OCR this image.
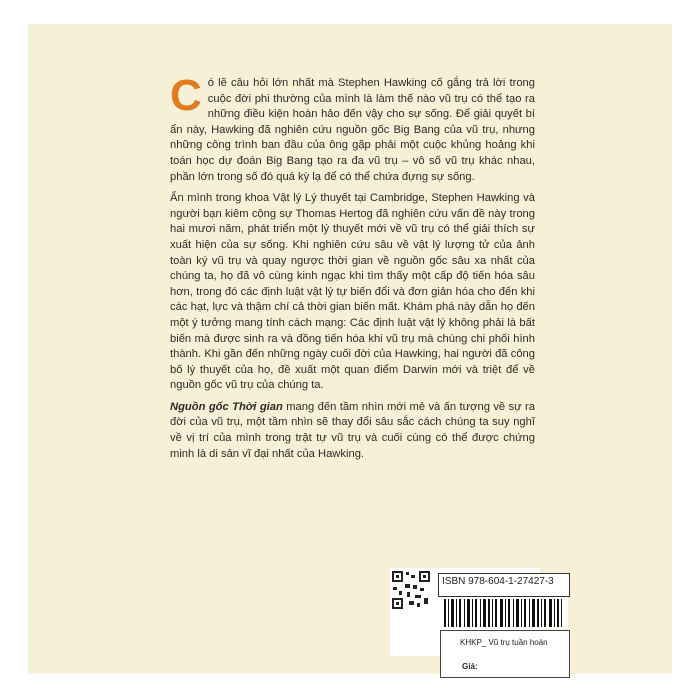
Có lẽ câu hỏi lớn nhất mà Stephen Hawking cố gắng trả lời trong cuộc đời phi thường của mình là làm thế nào vũ trụ có thể tạo ra những điều kiện hoàn hảo đến vậy cho sự sống. Để giải quyết bí ẩn này, Hawking đã nghiên cứu nguồn gốc Big Bang của vũ trụ, nhưng những công trình ban đầu của ông gặp phải một cuộc khủng hoảng khi toán học dự đoán Big Bang tạo ra đa vũ trụ – vô số vũ trụ khác nhau, phần lớn trong số đó quá kỳ lạ để có thể chứa đựng sự sống.

Ẩn mình trong khoa Vật lý Lý thuyết tại Cambridge, Stephen Hawking và người bạn kiêm cộng sự Thomas Hertog đã nghiên cứu vấn đề này trong hai mươi năm, phát triển một lý thuyết mới về vũ trụ có thể giải thích sự xuất hiện của sự sống. Khi nghiên cứu sâu về vật lý lượng tử của ảnh toàn ký vũ trụ và quay ngược thời gian về nguồn gốc sâu xa nhất của chúng ta, họ đã vô cùng kinh ngạc khi tìm thấy một cấp độ tiến hóa sâu hơn, trong đó các định luật vật lý tự biến đổi và đơn giản hóa cho đến khi các hạt, lực và thậm chí cả thời gian biến mất. Khám phá này dẫn họ đến một ý tưởng mang tính cách mạng: Các định luật vật lý không phải là bất biến mà được sinh ra và đồng tiến hóa khi vũ trụ mà chúng chi phối hình thành. Khi gần đến những ngày cuối đời của Hawking, hai người đã công bố lý thuyết của họ, đề xuất một quan điểm Darwin mới và triệt để về nguồn gốc vũ trụ của chúng ta.

Nguồn gốc Thời gian mang đến tầm nhìn mới mẻ và ấn tượng về sự ra đời của vũ trụ, một tầm nhìn sẽ thay đổi sâu sắc cách chúng ta suy nghĩ về vị trí của mình trong trật tự vũ trụ và cuối cùng có thể được chứng minh là di sản vĩ đại nhất của Hawking.

ISBN 978-604-1-27427-3
KHKP_ Vũ trụ tuần hoàn
Giá:
